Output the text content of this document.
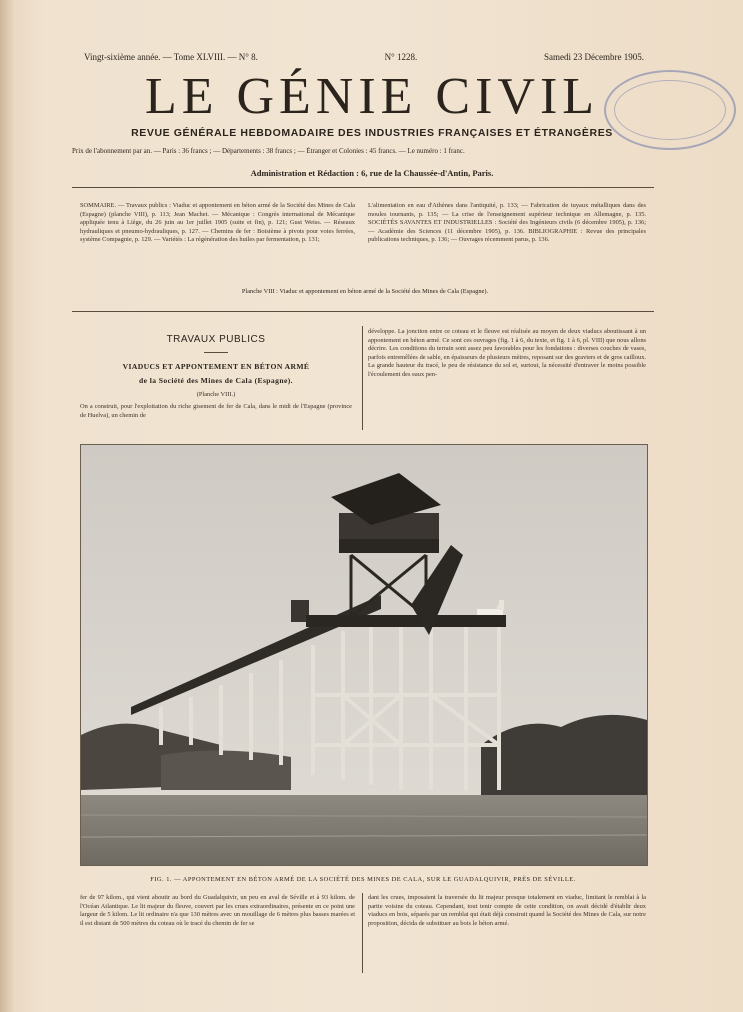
Vingt-sixième année. — Tome XLVIII. — N° 8.	N° 1228.	Samedi 23 Décembre 1905.
LE GÉNIE CIVIL
REVUE GÉNÉRALE HEBDOMADAIRE DES INDUSTRIES FRANÇAISES ET ÉTRANGÈRES
Prix de l'abonnement par an. — Paris : 36 francs ; — Départements : 38 francs ; — Étranger et Colonies : 45 francs. — Le numéro : 1 franc.
Administration et Rédaction : 6, rue de la Chaussée-d'Antin, Paris.
SOMMAIRE. — Travaux publics : Viaduc et appontement en béton armé de la Société des Mines de Cala (Espagne) (planche VIII), p. 113; Jean Machet. — Mécanique : Congrès international de Mécanique appliquée tenu à Liège, du 26 juin au 1er juillet 1905 (suite et fin), p. 121; Gust Weiss. — Réseaux hydrauliques et pneumo-hydrauliques, p. 127. — Chemins de fer : Boisième à pivots pour voies ferrées, système Compagnie, p. 129. — Variétés : La régénération des huiles par fermentation, p. 131;
L'alimentation en eau d'Athènes dans l'antiquité, p. 133; — Fabrication de tuyaux métalliques dans des moules tournants, p. 135; — La crise de l'enseignement supérieur technique en Allemagne, p. 135. SOCIÉTÉS SAVANTES ET INDUSTRIELLES : Société des Ingénieurs civils (6 décembre 1905), p. 136; — Académie des Sciences (11 décembre 1905), p. 136. BIBLIOGRAPHIE : Revue des principales publications techniques, p. 136; — Ouvrages récemment parus, p. 136.
Planche VIII : Viaduc et appontement en béton armé de la Société des Mines de Cala (Espagne).
TRAVAUX PUBLICS
VIADUCS ET APPONTEMENT EN BÉTON ARMÉ
de la Société des Mines de Cala (Espagne).
(Planche VIII.)
On a construit, pour l'exploitation du riche gisement de fer de Cala, dans le midi de l'Espagne (province de Huelva), un chemin de
développe. La jonction entre ce coteau et le fleuve est réalisée au moyen de deux viaducs aboutissant à un appontement en béton armé. Ce sont ces ouvrages (fig. 1 à 6, du texte, et fig. 1 à 6, pl. VIII) que nous allons décrire. Les conditions du terrain sont assez peu favorables pour les fondations : diverses couches de vases, parfois entremêlées de sable, en épaisseurs de plusieurs mètres, reposant sur des graviers et de gros cailloux. La grande hauteur du tracé, le peu de résistance du sol et, surtout, la nécessité d'entraver le moins possible l'écoulement des eaux pen-
FIG. 1. — APPONTEMENT EN BÉTON ARMÉ DE LA SOCIÉTÉ DES MINES DE CALA, SUR LE GUADALQUIVIR, PRÈS DE SÉVILLE.
fer de 97 kilom., qui vient aboutir au bord du Guadalquivir, un peu en aval de Séville et à 93 kilom. de l'Océan Atlantique. Le lit majeur du fleuve, couvert par les crues extraordinaires, présente en ce point une largeur de 5 kilom. Le lit ordinaire n'a que 130 mètres avec un mouillage de 6 mètres plus basses marées et il est distant de 500 mètres du coteau où le tracé du chemin de fer se
dant les crues, imposaient la traversée du lit majeur presque totalement en viaduc, limitant le remblai à la partie voisine du coteau. Cependant, tout tenir compte de cette condition, on avait décidé d'établir deux viaducs en bois, séparés par un remblai qui était déjà construit quand la Société des Mines de Cala, sur notre proposition, décida de substituer au bois le béton armé.
